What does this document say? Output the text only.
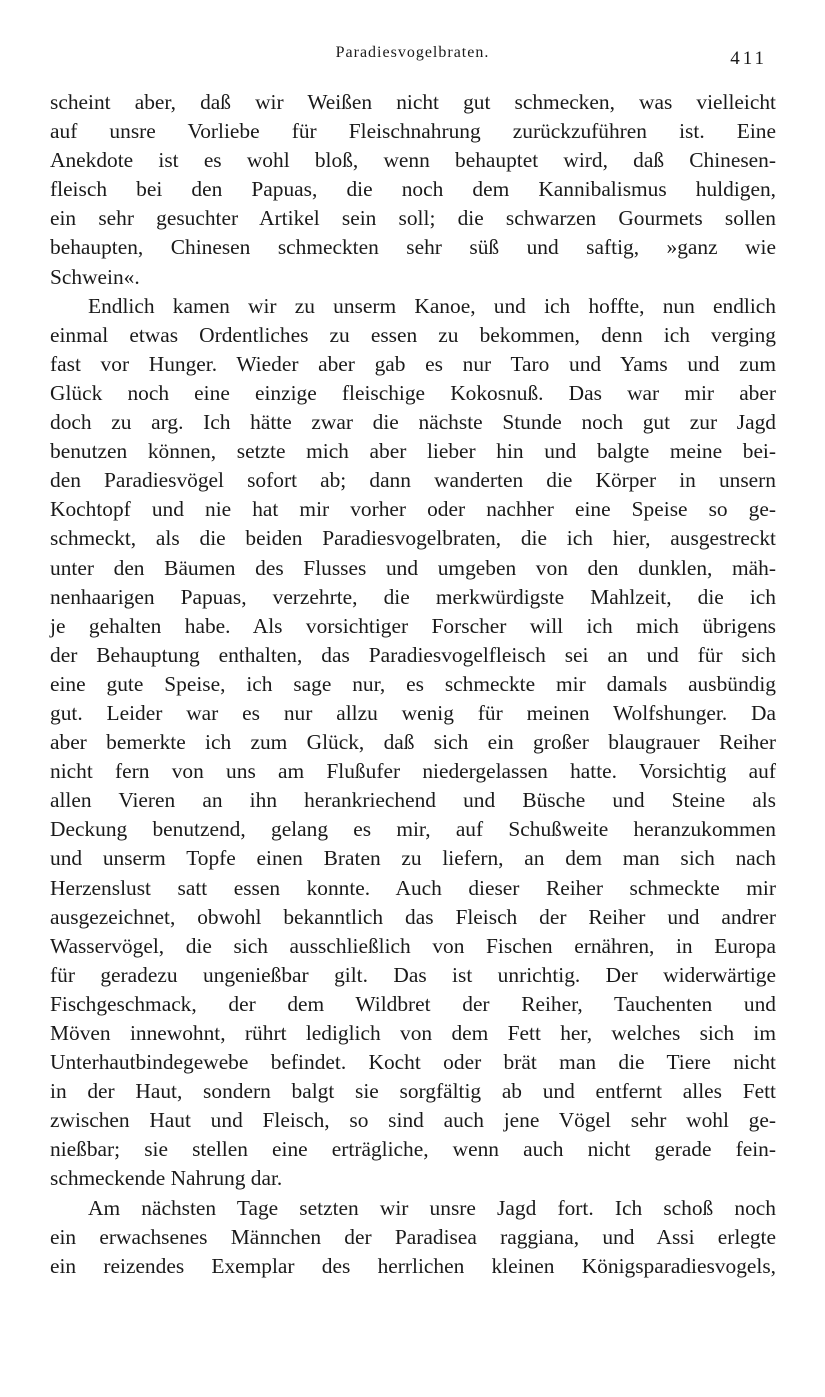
Paradiesvogelbraten.	411
scheint aber, daß wir Weißen nicht gut schmecken, was vielleicht
auf unsre Vorliebe für Fleischnahrung zurückzuführen ist. Eine
Anekdote ist es wohl bloß, wenn behauptet wird, daß Chinesen-
fleisch bei den Papuas, die noch dem Kannibalismus huldigen,
ein sehr gesuchter Artikel sein soll; die schwarzen Gourmets sollen
behaupten, Chinesen schmeckten sehr süß und saftig, »ganz wie
Schwein«.
Endlich kamen wir zu unserm Kanoe, und ich hoffte, nun endlich
einmal etwas Ordentliches zu essen zu bekommen, denn ich verging
fast vor Hunger. Wieder aber gab es nur Taro und Yams und zum
Glück noch eine einzige fleischige Kokosnuß. Das war mir aber
doch zu arg. Ich hätte zwar die nächste Stunde noch gut zur Jagd
benutzen können, setzte mich aber lieber hin und balgte meine bei-
den Paradiesvögel sofort ab; dann wanderten die Körper in unsern
Kochtopf und nie hat mir vorher oder nachher eine Speise so ge-
schmeckt, als die beiden Paradiesvogelbraten, die ich hier, ausgestreckt
unter den Bäumen des Flusses und umgeben von den dunklen, mäh-
nenhaarigen Papuas, verzehrte, die merkwürdigste Mahlzeit, die ich
je gehalten habe. Als vorsichtiger Forscher will ich mich übrigens
der Behauptung enthalten, das Paradiesvogelfleisch sei an und für sich
eine gute Speise, ich sage nur, es schmeckte mir damals ausbündig
gut. Leider war es nur allzu wenig für meinen Wolfshunger. Da
aber bemerkte ich zum Glück, daß sich ein großer blaugrauer Reiher
nicht fern von uns am Flußufer niedergelassen hatte. Vorsichtig auf
allen Vieren an ihn herankriechend und Büsche und Steine als
Deckung benutzend, gelang es mir, auf Schußweite heranzukommen
und unserm Topfe einen Braten zu liefern, an dem man sich nach
Herzenslust satt essen konnte. Auch dieser Reiher schmeckte mir
ausgezeichnet, obwohl bekanntlich das Fleisch der Reiher und andrer
Wasservögel, die sich ausschließlich von Fischen ernähren, in Europa
für geradezu ungenießbar gilt. Das ist unrichtig. Der widerwärtige
Fischgeschmack, der dem Wildbret der Reiher, Tauchenten und
Möven innewohnt, rührt lediglich von dem Fett her, welches sich im
Unterhautbindegewebe befindet. Kocht oder brät man die Tiere nicht
in der Haut, sondern balgt sie sorgfältig ab und entfernt alles Fett
zwischen Haut und Fleisch, so sind auch jene Vögel sehr wohl ge-
nießbar; sie stellen eine erträgliche, wenn auch nicht gerade fein-
schmeckende Nahrung dar.
Am nächsten Tage setzten wir unsre Jagd fort. Ich schoß noch
ein erwachsenes Männchen der Paradisea raggiana, und Assi erlegte
ein reizendes Exemplar des herrlichen kleinen Königsparadiesvogels,
